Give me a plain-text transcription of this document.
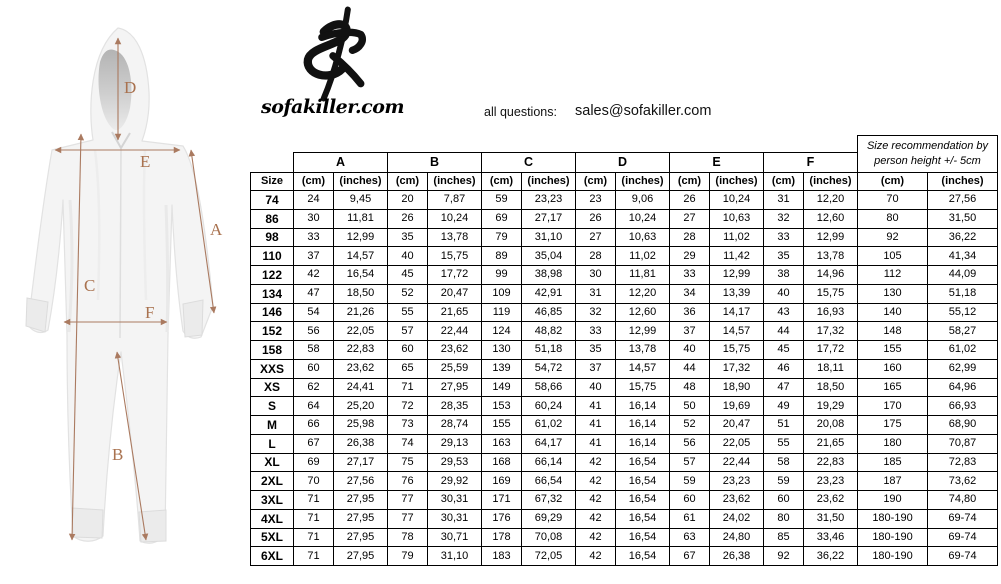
A
B
C
D
E
F
sofakiller.com	all questions: sales@sofakiller.com
													Size recommendation by person height +/- 5cm	
	A		B		C		D		E		F			
Size	(cm)	(inches)	(cm)	(inches)	(cm)	(inches)	(cm)	(inches)	(cm)	(inches)	(cm)	(inches)	(cm)	(inches)
74	24	9,45	20	7,87	59	23,23	23	9,06	26	10,24	31	12,20	70	27,56
86	30	11,81	26	10,24	69	27,17	26	10,24	27	10,63	32	12,60	80	31,50
98	33	12,99	35	13,78	79	31,10	27	10,63	28	11,02	33	12,99	92	36,22
110	37	14,57	40	15,75	89	35,04	28	11,02	29	11,42	35	13,78	105	41,34
122	42	16,54	45	17,72	99	38,98	30	11,81	33	12,99	38	14,96	112	44,09
134	47	18,50	52	20,47	109	42,91	31	12,20	34	13,39	40	15,75	130	51,18
146	54	21,26	55	21,65	119	46,85	32	12,60	36	14,17	43	16,93	140	55,12
152	56	22,05	57	22,44	124	48,82	33	12,99	37	14,57	44	17,32	148	58,27
158	58	22,83	60	23,62	130	51,18	35	13,78	40	15,75	45	17,72	155	61,02
XXS	60	23,62	65	25,59	139	54,72	37	14,57	44	17,32	46	18,11	160	62,99
XS	62	24,41	71	27,95	149	58,66	40	15,75	48	18,90	47	18,50	165	64,96
S	64	25,20	72	28,35	153	60,24	41	16,14	50	19,69	49	19,29	170	66,93
M	66	25,98	73	28,74	155	61,02	41	16,14	52	20,47	51	20,08	175	68,90
L	67	26,38	74	29,13	163	64,17	41	16,14	56	22,05	55	21,65	180	70,87
XL	69	27,17	75	29,53	168	66,14	42	16,54	57	22,44	58	22,83	185	72,83
2XL	70	27,56	76	29,92	169	66,54	42	16,54	59	23,23	59	23,23	187	73,62
3XL	71	27,95	77	30,31	171	67,32	42	16,54	60	23,62	60	23,62	190	74,80
4XL	71	27,95	77	30,31	176	69,29	42	16,54	61	24,02	80	31,50	180-190	69-74
5XL	71	27,95	78	30,71	178	70,08	42	16,54	63	24,80	85	33,46	180-190	69-74
6XL	71	27,95	79	31,10	183	72,05	42	16,54	67	26,38	92	36,22	180-190	69-74
